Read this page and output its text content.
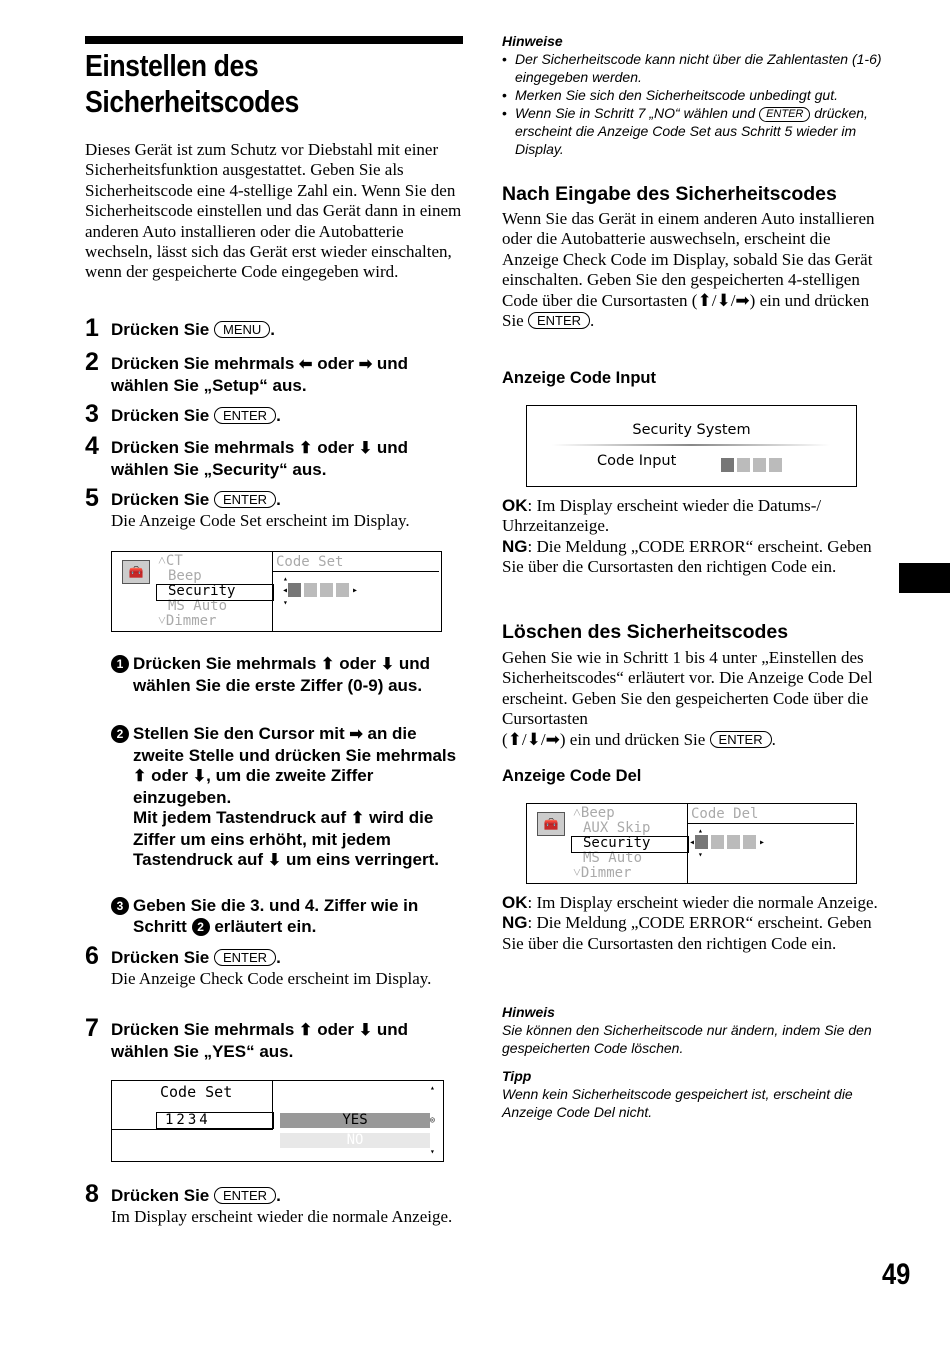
Einstellen des
Sicherheitscodes

Dieses Gerät ist zum Schutz vor Diebstahl mit einer Sicherheitsfunktion ausgestattet. Geben Sie als Sicherheitscode eine 4-stellige Zahl ein. Wenn Sie den Sicherheitscode einstellen und das Gerät dann in einem anderen Auto installieren oder die Autobatterie wechseln, lässt sich das Gerät erst wieder einschalten, wenn der gespeicherte Code eingegeben wird.

1 Drücken Sie MENU .
2 Drücken Sie mehrmals ⬅ oder ➡ und wählen Sie „Setup“ aus.
3 Drücken Sie ENTER .
4 Drücken Sie mehrmals ⬆ oder ⬇ und wählen Sie „Security“ aus.
5 Drücken Sie ENTER .
Die Anzeige Code Set erscheint im Display.
🧰
˄CT
Beep
Security
MS Auto
˅Dimmer
Code Set
◂	▸
▴
▾
1 Drücken Sie mehrmals ⬆ oder ⬇ und wählen Sie die erste Ziffer (0-9) aus.
2 Stellen Sie den Cursor mit ➡ an die zweite Stelle und drücken Sie mehrmals ⬆ oder ⬇, um die zweite Ziffer einzugeben.
Mit jedem Tastendruck auf ⬆ wird die Ziffer um eins erhöht, mit jedem Tastendruck auf ⬇ um eins verringert.
3 Geben Sie die 3. und 4. Ziffer wie in Schritt 2 erläutert ein.
6 Drücken Sie ENTER .
Die Anzeige Check Code erscheint im Display.
7 Drücken Sie mehrmals ⬆ oder ⬇ und wählen Sie „YES“ aus.
Code Set
1234	YES
NO
▴
◎
▾
8 Drücken Sie ENTER .
Im Display erscheint wieder die normale Anzeige.
Hinweise
• Der Sicherheitscode kann nicht über die Zahlentasten (1-6) eingegeben werden.
• Merken Sie sich den Sicherheitscode unbedingt gut.
• Wenn Sie in Schritt 7 „NO“ wählen und ENTER drücken, erscheint die Anzeige Code Set aus Schritt 5 wieder im Display.
Nach Eingabe des Sicherheitscodes

Wenn Sie das Gerät in einem anderen Auto installieren oder die Autobatterie auswechseln, erscheint die Anzeige Check Code im Display, sobald Sie das Gerät einschalten. Geben Sie den gespeicherten 4-stelligen Code über die Cursortasten (⬆/⬇/➡) ein und drücken Sie ENTER .

Anzeige Code Input
Security System
Code Input

OK: Im Display erscheint wieder die Datums-/ Uhrzeitanzeige.
NG: Die Meldung „CODE ERROR“ erscheint. Geben Sie über die Cursortasten den richtigen Code ein.

Löschen des Sicherheitscodes

Gehen Sie wie in Schritt 1 bis 4 unter „Einstellen des Sicherheitscodes“ erläutert vor. Die Anzeige Code Del erscheint. Geben Sie den gespeicherten Code über die Cursortasten
(⬆/⬇/➡) ein und drücken Sie ENTER .

Anzeige Code Del
🧰
˄Beep
AUX Skip
Security
MS Auto
˅Dimmer
Code Del
◂	▸
▴
▾

OK: Im Display erscheint wieder die normale Anzeige.
NG: Die Meldung „CODE ERROR“ erscheint. Geben Sie über die Cursortasten den richtigen Code ein.

Hinweis
Sie können den Sicherheitscode nur ändern, indem Sie den gespeicherten Code löschen.
Tipp
Wenn kein Sicherheitscode gespeichert ist, erscheint die Anzeige Code Del nicht.
49
